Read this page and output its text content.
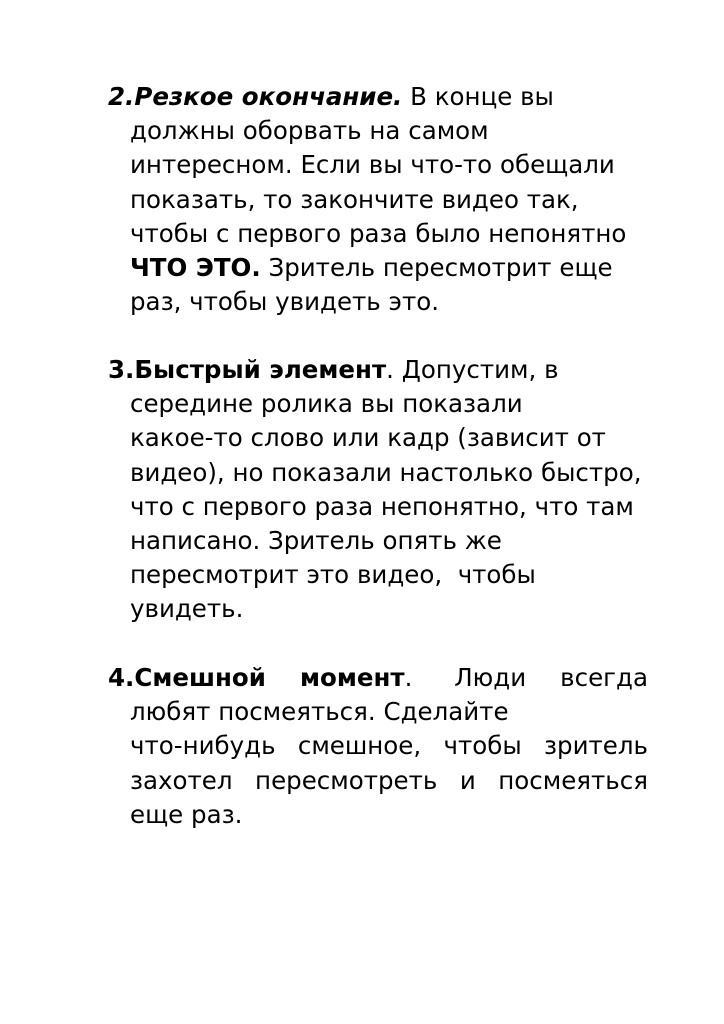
2.Резкое окончание. В конце вы
должны оборвать на самом
интересном. Если вы что-то обещали
показать, то закончите видео так,
чтобы с первого раза было непонятно
ЧТО ЭТО. Зритель пересмотрит еще
раз, чтобы увидеть это.
3.Быстрый элемент. Допустим, в
середине ролика вы показали
какое-то слово или кадр (зависит от
видео), но показали настолько быстро,
что с первого раза непонятно, что там
написано. Зритель опять же
пересмотрит это видео,  чтобы
увидеть.
4.Смешной момент. Люди всегда
любят посмеяться. Сделайте
что-нибудь смешное, чтобы зритель
захотел пересмотреть и посмеяться
еще раз.
